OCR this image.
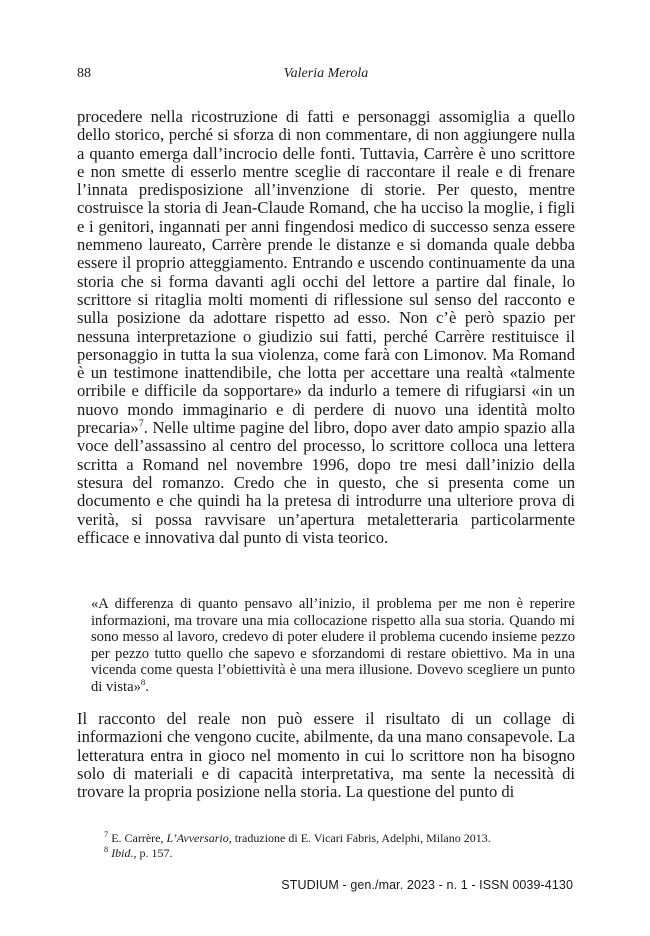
88	Valeria Merola

procedere nella ricostruzione di fatti e personaggi assomiglia a quello dello storico, perché si sforza di non commentare, di non aggiungere nulla a quanto emerga dall’incrocio delle fonti. Tuttavia, Carrère è uno scrittore e non smette di esserlo mentre sceglie di raccontare il reale e di frenare l’innata predisposizione all’invenzione di storie. Per questo, mentre costruisce la storia di Jean-Claude Romand, che ha ucciso la moglie, i figli e i genitori, ingannati per anni fingendosi medico di successo senza essere nemmeno laureato, Carrère prende le distanze e si domanda quale debba essere il proprio atteggiamento. Entrando e uscendo continuamente da una storia che si forma davanti agli occhi del lettore a partire dal finale, lo scrittore si ritaglia molti momenti di riflessione sul senso del racconto e sulla posizione da adottare rispetto ad esso. Non c’è però spazio per nessuna interpretazione o giudizio sui fatti, perché Carrère restituisce il personaggio in tutta la sua violenza, come farà con Limonov. Ma Romand è un testimone inattendibile, che lotta per accettare una realtà «talmente orribile e difficile da sopportare» da indurlo a temere di rifugiarsi «in un nuovo mondo immaginario e di perdere di nuovo una identità molto precaria»$^7$. Nelle ultime pagine del libro, dopo aver dato ampio spazio alla voce dell’assassino al centro del processo, lo scrittore colloca una lettera scritta a Romand nel novembre 1996, dopo tre mesi dall’inizio della stesura del romanzo. Credo che in questo, che si presenta come un documento e che quindi ha la pretesa di introdurre una ulteriore prova di verità, si possa ravvisare un’apertura metaletteraria particolarmente efficace e innovativa dal punto di vista teorico.

«A differenza di quanto pensavo all’inizio, il problema per me non è reperire informazioni, ma trovare una mia collocazione rispetto alla sua storia. Quando mi sono messo al lavoro, credevo di poter eludere il problema cucendo insieme pezzo per pezzo tutto quello che sapevo e sforzandomi di restare obiettivo. Ma in una vicenda come questa l’obiettività è una mera illusione. Dovevo scegliere un punto di vista»$^8$.

Il racconto del reale non può essere il risultato di un collage di informazioni che vengono cucite, abilmente, da una mano consapevole. La letteratura entra in gioco nel momento in cui lo scrittore non ha bisogno solo di materiali e di capacità interpretativa, ma sente la necessità di trovare la propria posizione nella storia. La questione del punto di

$^7$ E. Carrère, L’Avversario, traduzione di E. Vicari Fabris, Adelphi, Milano 2013.

$^8$ Ibid., p. 157.

STUDIUM - gen./mar. 2023 - n. 1 - ISSN 0039-4130
